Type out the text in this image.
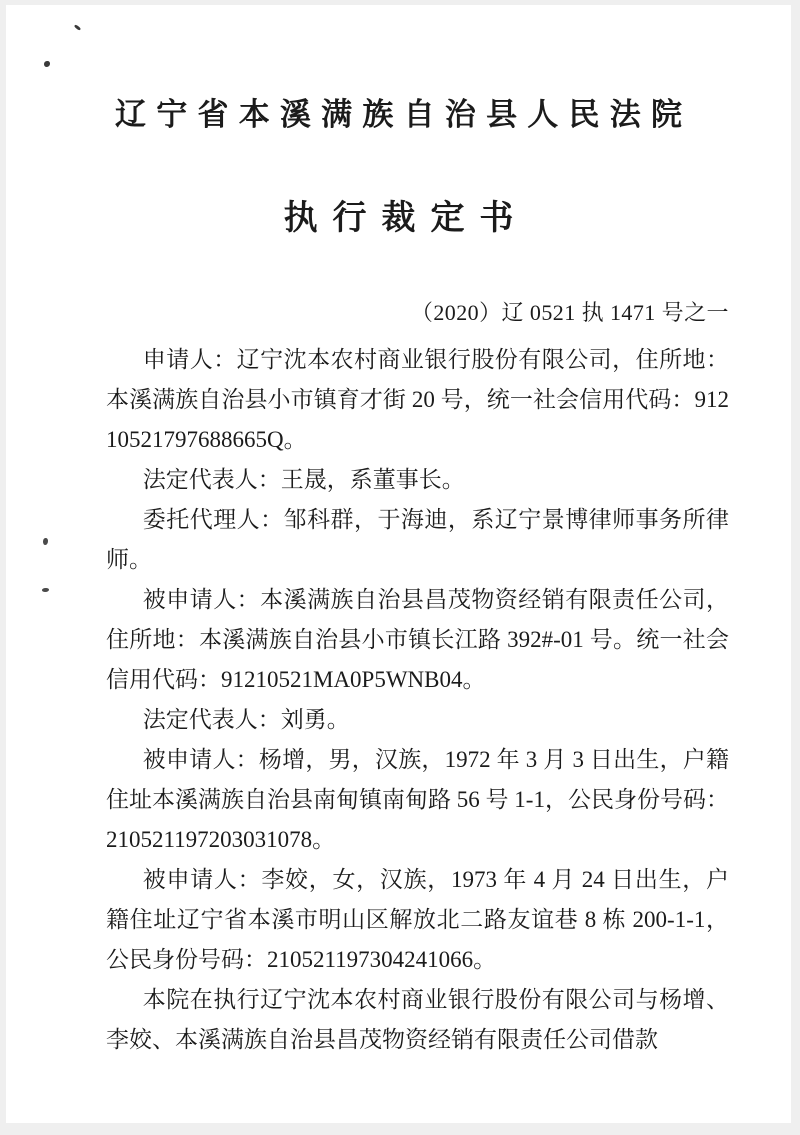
辽宁省本溪满族自治县人民法院
执行裁定书
（2020）辽 0521 执 1471 号之一

申请人：辽宁沈本农村商业银行股份有限公司，住所地：本溪满族自治县小市镇育才街 20 号，统一社会信用代码：91210521797688665Q。

法定代表人：王晟，系董事长。

委托代理人：邹科群，于海迪，系辽宁景博律师事务所律师。

被申请人：本溪满族自治县昌茂物资经销有限责任公司，住所地：本溪满族自治县小市镇长江路 392#-01 号。统一社会信用代码：91210521MA0P5WNB04。

法定代表人：刘勇。

被申请人：杨增，男，汉族，1972 年 3 月 3 日出生，户籍住址本溪满族自治县南甸镇南甸路 56 号 1-1，公民身份号码：210521197203031078。

被申请人：李姣，女，汉族，1973 年 4 月 24 日出生，户籍住址辽宁省本溪市明山区解放北二路友谊巷 8 栋 200-1-1，公民身份号码：210521197304241066。

本院在执行辽宁沈本农村商业银行股份有限公司与杨增、李姣、本溪满族自治县昌茂物资经销有限责任公司借款
